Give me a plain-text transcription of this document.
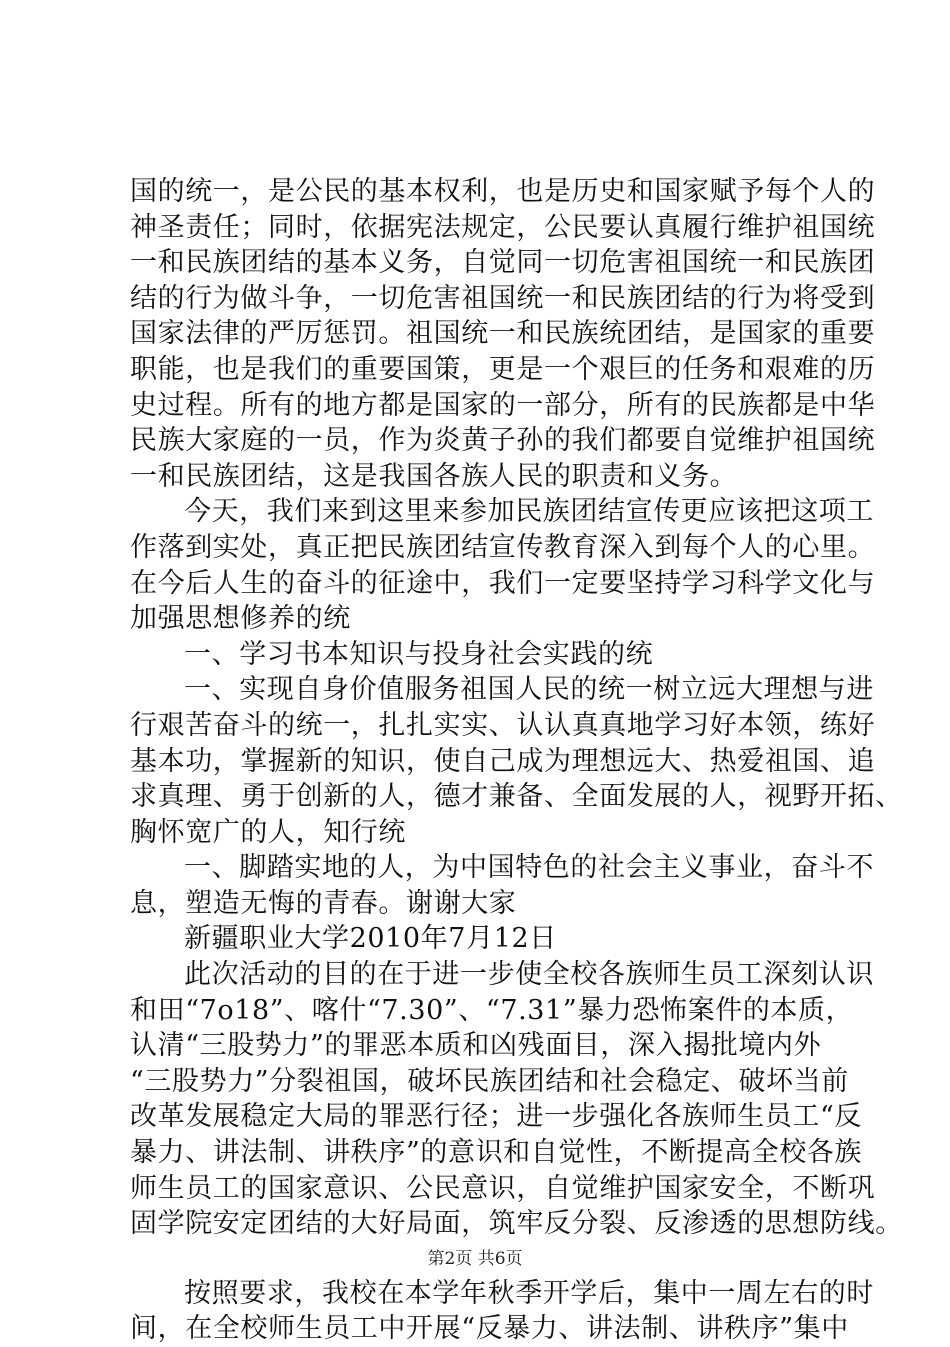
国的统一，是公民的基本权利，也是历史和国家赋予每个人的
神圣责任；同时，依据宪法规定，公民要认真履行维护祖国统
一和民族团结的基本义务，自觉同一切危害祖国统一和民族团
结的行为做斗争，一切危害祖国统一和民族团结的行为将受到
国家法律的严厉惩罚。祖国统一和民族统团结，是国家的重要
职能，也是我们的重要国策，更是一个艰巨的任务和艰难的历
史过程。所有的地方都是国家的一部分，所有的民族都是中华
民族大家庭的一员，作为炎黄子孙的我们都要自觉维护祖国统
一和民族团结，这是我国各族人民的职责和义务。
今天，我们来到这里来参加民族团结宣传更应该把这项工
作落到实处，真正把民族团结宣传教育深入到每个人的心里。
在今后人生的奋斗的征途中，我们一定要坚持学习科学文化与
加强思想修养的统
一、学习书本知识与投身社会实践的统
一、实现自身价值服务祖国人民的统一树立远大理想与进
行艰苦奋斗的统一，扎扎实实、认认真真地学习好本领，练好
基本功，掌握新的知识，使自己成为理想远大、热爱祖国、追
求真理、勇于创新的人，德才兼备、全面发展的人，视野开拓、
胸怀宽广的人，知行统
一、脚踏实地的人，为中国特色的社会主义事业，奋斗不
息，塑造无悔的青春。谢谢大家
新疆职业大学2010年7月12日
此次活动的目的在于进一步使全校各族师生员工深刻认识
和田“7o18”、喀什“7.30”、“7.31”暴力恐怖案件的本质，
认清“三股势力”的罪恶本质和凶残面目，深入揭批境内外
“三股势力”分裂祖国，破坏民族团结和社会稳定、破坏当前
改革发展稳定大局的罪恶行径；进一步强化各族师生员工“反
暴力、讲法制、讲秩序”的意识和自觉性，不断提高全校各族
师生员工的国家意识、公民意识，自觉维护国家安全，不断巩
固学院安定团结的大好局面，筑牢反分裂、反渗透的思想防线。
按照要求，我校在本学年秋季开学后，集中一周左右的时
间，在全校师生员工中开展“反暴力、讲法制、讲秩序”集中
第2页 共6页
